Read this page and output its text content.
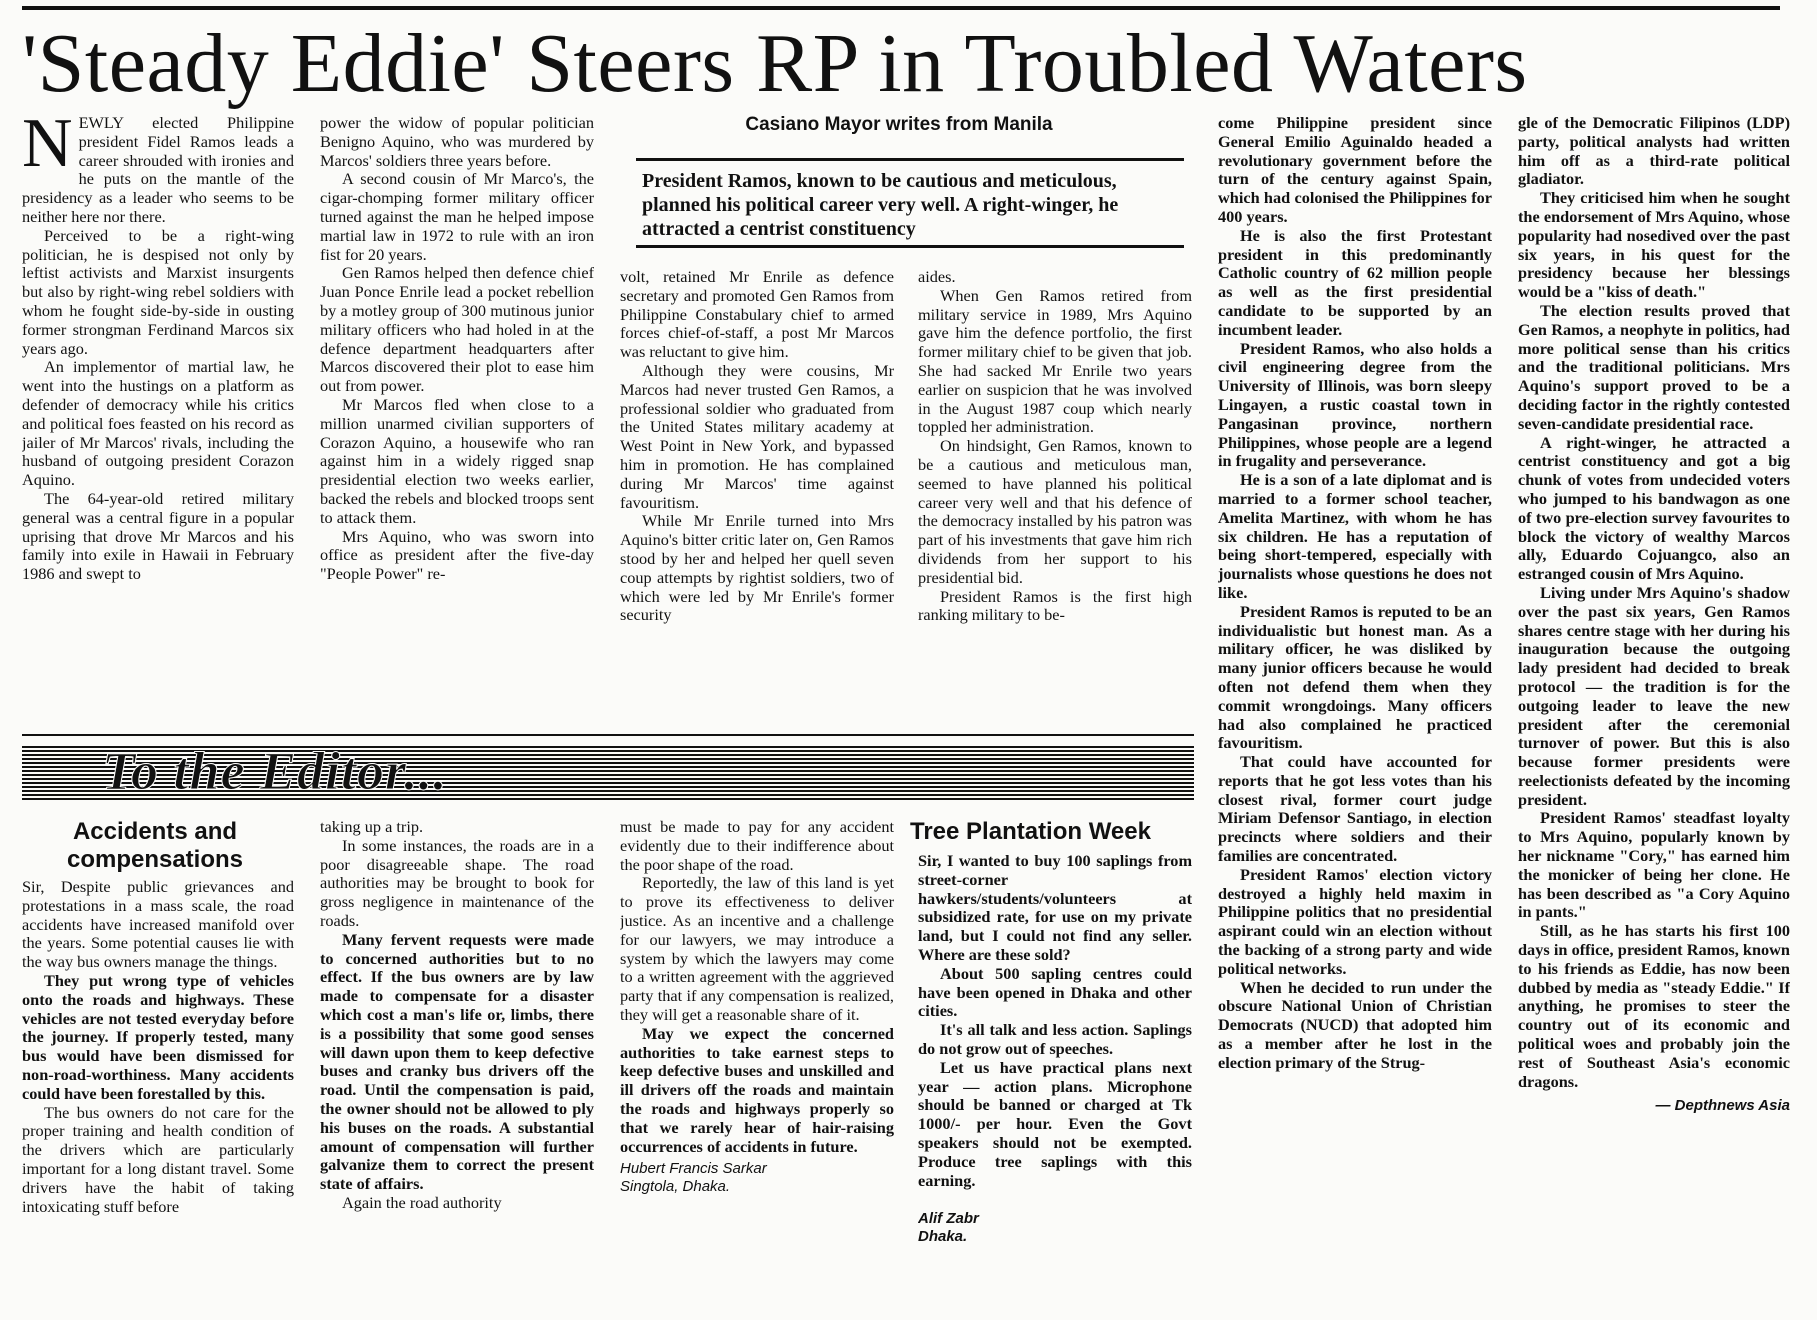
'Steady Eddie' Steers RP in Troubled Waters

NEWLY elected Philippine president Fidel Ramos leads a career shrouded with ironies and he puts on the mantle of the presidency as a leader who seems to be neither here nor there.

Perceived to be a right-wing politician, he is despised not only by leftist activists and Marxist insurgents but also by right-wing rebel soldiers with whom he fought side-by-side in ousting former strongman Ferdinand Marcos six years ago.

An implementor of martial law, he went into the hustings on a platform as defender of democracy while his critics and political foes feasted on his record as jailer of Mr Marcos' rivals, including the husband of outgoing president Corazon Aquino.

The 64-year-old retired military general was a central figure in a popular uprising that drove Mr Marcos and his family into exile in Hawaii in February 1986 and swept to

power the widow of popular politician Benigno Aquino, who was murdered by Marcos' soldiers three years before.

A second cousin of Mr Marco's, the cigar-chomping former military officer turned against the man he helped impose martial law in 1972 to rule with an iron fist for 20 years.

Gen Ramos helped then defence chief Juan Ponce Enrile lead a pocket rebellion by a motley group of 300 mutinous junior military officers who had holed in at the defence department headquarters after Marcos discovered their plot to ease him out from power.

Mr Marcos fled when close to a million unarmed civilian supporters of Corazon Aquino, a housewife who ran against him in a widely rigged snap presidential election two weeks earlier, backed the rebels and blocked troops sent to attack them.

Mrs Aquino, who was sworn into office as president after the five-day "People Power" re-

Casiano Mayor writes from Manila
President Ramos, known to be cautious and meticulous, planned his political career very well. A right-winger, he attracted a centrist constituency

volt, retained Mr Enrile as defence secretary and promoted Gen Ramos from Philippine Constabulary chief to armed forces chief-of-staff, a post Mr Marcos was reluctant to give him.

Although they were cousins, Mr Marcos had never trusted Gen Ramos, a professional soldier who graduated from the United States military academy at West Point in New York, and bypassed him in promotion. He has complained during Mr Marcos' time against favouritism.

While Mr Enrile turned into Mrs Aquino's bitter critic later on, Gen Ramos stood by her and helped her quell seven coup attempts by rightist soldiers, two of which were led by Mr Enrile's former security

aides.

When Gen Ramos retired from military service in 1989, Mrs Aquino gave him the defence portfolio, the first former military chief to be given that job. She had sacked Mr Enrile two years earlier on suspicion that he was involved in the August 1987 coup which nearly toppled her administration.

On hindsight, Gen Ramos, known to be a cautious and meticulous man, seemed to have planned his political career very well and that his defence of the democracy installed by his patron was part of his investments that gave him rich dividends from her support to his presidential bid.

President Ramos is the first high ranking military to be-

come Philippine president since General Emilio Aguinaldo headed a revolutionary government before the turn of the century against Spain, which had colonised the Philippines for 400 years.

He is also the first Protestant president in this predominantly Catholic country of 62 million people as well as the first presidential candidate to be supported by an incumbent leader.

President Ramos, who also holds a civil engineering degree from the University of Illinois, was born sleepy Lingayen, a rustic coastal town in Pangasinan province, northern Philippines, whose people are a legend in frugality and perseverance.

He is a son of a late diplomat and is married to a former school teacher, Amelita Martinez, with whom he has six children. He has a reputation of being short-tempered, especially with journalists whose questions he does not like.

President Ramos is reputed to be an individualistic but honest man. As a military officer, he was disliked by many junior officers because he would often not defend them when they commit wrongdoings. Many officers had also complained he practiced favouritism.

That could have accounted for reports that he got less votes than his closest rival, former court judge Miriam Defensor Santiago, in election precincts where soldiers and their families are concentrated.

President Ramos' election victory destroyed a highly held maxim in Philippine politics that no presidential aspirant could win an election without the backing of a strong party and wide political networks.

When he decided to run under the obscure National Union of Christian Democrats (NUCD) that adopted him as a member after he lost in the election primary of the Strug-

gle of the Democratic Filipinos (LDP) party, political analysts had written him off as a third-rate political gladiator.

They criticised him when he sought the endorsement of Mrs Aquino, whose popularity had nosedived over the past six years, in his quest for the presidency because her blessings would be a "kiss of death."

The election results proved that Gen Ramos, a neophyte in politics, had more political sense than his critics and the traditional politicians. Mrs Aquino's support proved to be a deciding factor in the rightly contested seven-candidate presidential race.

A right-winger, he attracted a centrist constituency and got a big chunk of votes from undecided voters who jumped to his bandwagon as one of two pre-election survey favourites to block the victory of wealthy Marcos ally, Eduardo Cojuangco, also an estranged cousin of Mrs Aquino.

Living under Mrs Aquino's shadow over the past six years, Gen Ramos shares centre stage with her during his inauguration because the outgoing lady president had decided to break protocol — the tradition is for the outgoing leader to leave the new president after the ceremonial turnover of power. But this is also because former presidents were reelectionists defeated by the incoming president.

President Ramos' steadfast loyalty to Mrs Aquino, popularly known by her nickname "Cory," has earned him the monicker of being her clone. He has been described as "a Cory Aquino in pants."

Still, as he has starts his first 100 days in office, president Ramos, known to his friends as Eddie, has now been dubbed by media as "steady Eddie." If anything, he promises to steer the country out of its economic and political woes and probably join the rest of Southeast Asia's economic dragons.

— Depthnews Asia
To the Editor...
Accidents and compensations

Sir, Despite public grievances and protestations in a mass scale, the road accidents have increased manifold over the years. Some potential causes lie with the way bus owners manage the things.

They put wrong type of vehicles onto the roads and highways. These vehicles are not tested everyday before the journey. If properly tested, many bus would have been dismissed for non-road-worthiness. Many accidents could have been forestalled by this.

The bus owners do not care for the proper training and health condition of the drivers which are particularly important for a long distant travel. Some drivers have the habit of taking intoxicating stuff before

taking up a trip.

In some instances, the roads are in a poor disagreeable shape. The road authorities may be brought to book for gross negligence in maintenance of the roads.

Many fervent requests were made to concerned authorities but to no effect. If the bus owners are by law made to compensate for a disaster which cost a man's life or, limbs, there is a possibility that some good senses will dawn upon them to keep defective buses and cranky bus drivers off the road. Until the compensation is paid, the owner should not be allowed to ply his buses on the roads. A substantial amount of compensation will further galvanize them to correct the present state of affairs.

Again the road authority

must be made to pay for any accident evidently due to their indifference about the poor shape of the road.

Reportedly, the law of this land is yet to prove its effectiveness to deliver justice. As an incentive and a challenge for our lawyers, we may introduce a system by which the lawyers may come to a written agreement with the aggrieved party that if any compensation is realized, they will get a reasonable share of it.

May we expect the concerned authorities to take earnest steps to keep defective buses and unskilled and ill drivers off the roads and maintain the roads and highways properly so that we rarely hear of hair-raising occurrences of accidents in future.

Hubert Francis Sarkar
Singtola, Dhaka.
Tree Plantation Week

Sir, I wanted to buy 100 saplings from street-corner hawkers/students/volunteers at subsidized rate, for use on my private land, but I could not find any seller. Where are these sold?

About 500 sapling centres could have been opened in Dhaka and other cities.

It's all talk and less action. Saplings do not grow out of speeches.

Let us have practical plans next year — action plans. Microphone should be banned or charged at Tk 1000/- per hour. Even the Govt speakers should not be exempted. Produce tree saplings with this earning.

Alif Zabr
Dhaka.
